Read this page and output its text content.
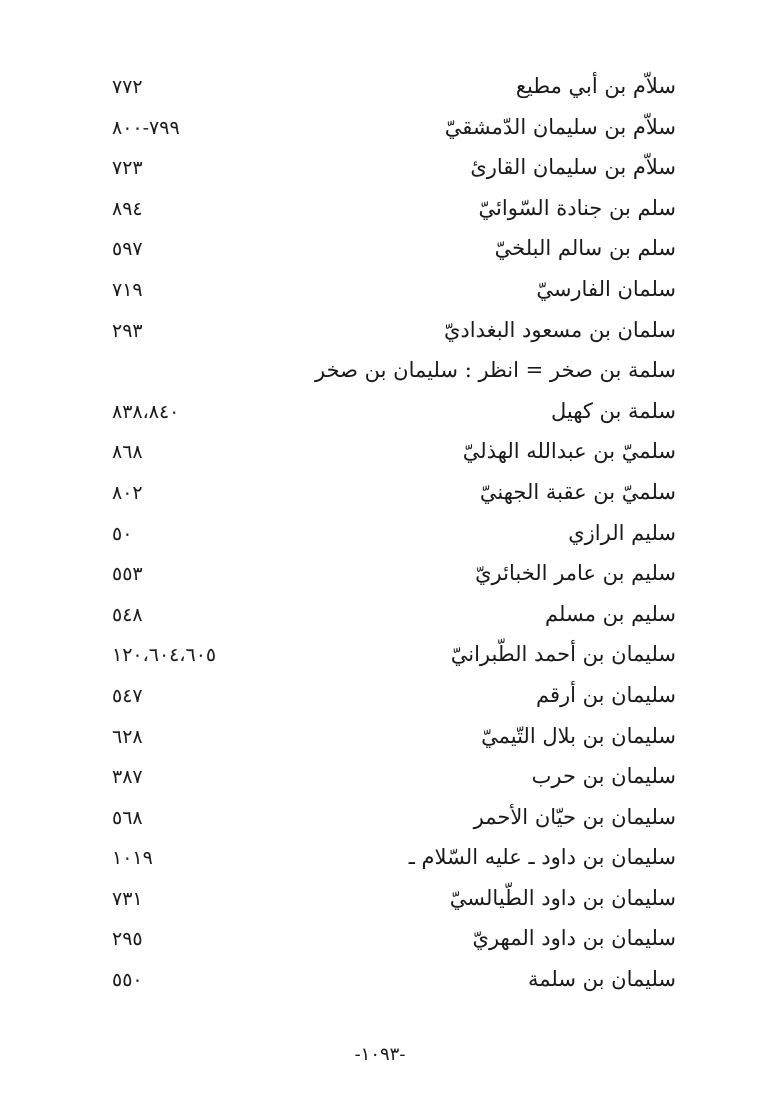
سلاّم بن أبي مطيع
٧٧٢
سلاّم بن سليمان الدّمشقيّ
٧٩٩-٨٠٠
سلاّم بن سليمان القارئ
٧٢٣
سلم بن جنادة السّوائيّ
٨٩٤
سلم بن سالم البلخيّ
٥٩٧
سلمان الفارسيّ
٧١٩
سلمان بن مسعود البغداديّ
٢٩٣
سلمة بن صخر = انظر : سليمان بن صخر
سلمة بن كهيل
٨٣٨،٨٤٠
سلميّ بن عبدالله الهذليّ
٨٦٨
سلميّ بن عقبة الجهنيّ
٨٠٢
سليم الرازي
٥٠
سليم بن عامر الخبائريّ
٥٥٣
سليم بن مسلم
٥٤٨
سليمان بن أحمد الطّبرانيّ
١٢٠،٦٠٤،٦٠٥
سليمان بن أرقم
٥٤٧
سليمان بن بلال التّيميّ
٦٢٨
سليمان بن حرب
٣٨٧
سليمان بن حيّان الأحمر
٥٦٨
سليمان بن داود ـ عليه السّلام ـ
١٠١٩
سليمان بن داود الطّيالسيّ
٧٣١
سليمان بن داود المهريّ
٢٩٥
سليمان بن سلمة
٥٥٠
-١٠٩٣-
